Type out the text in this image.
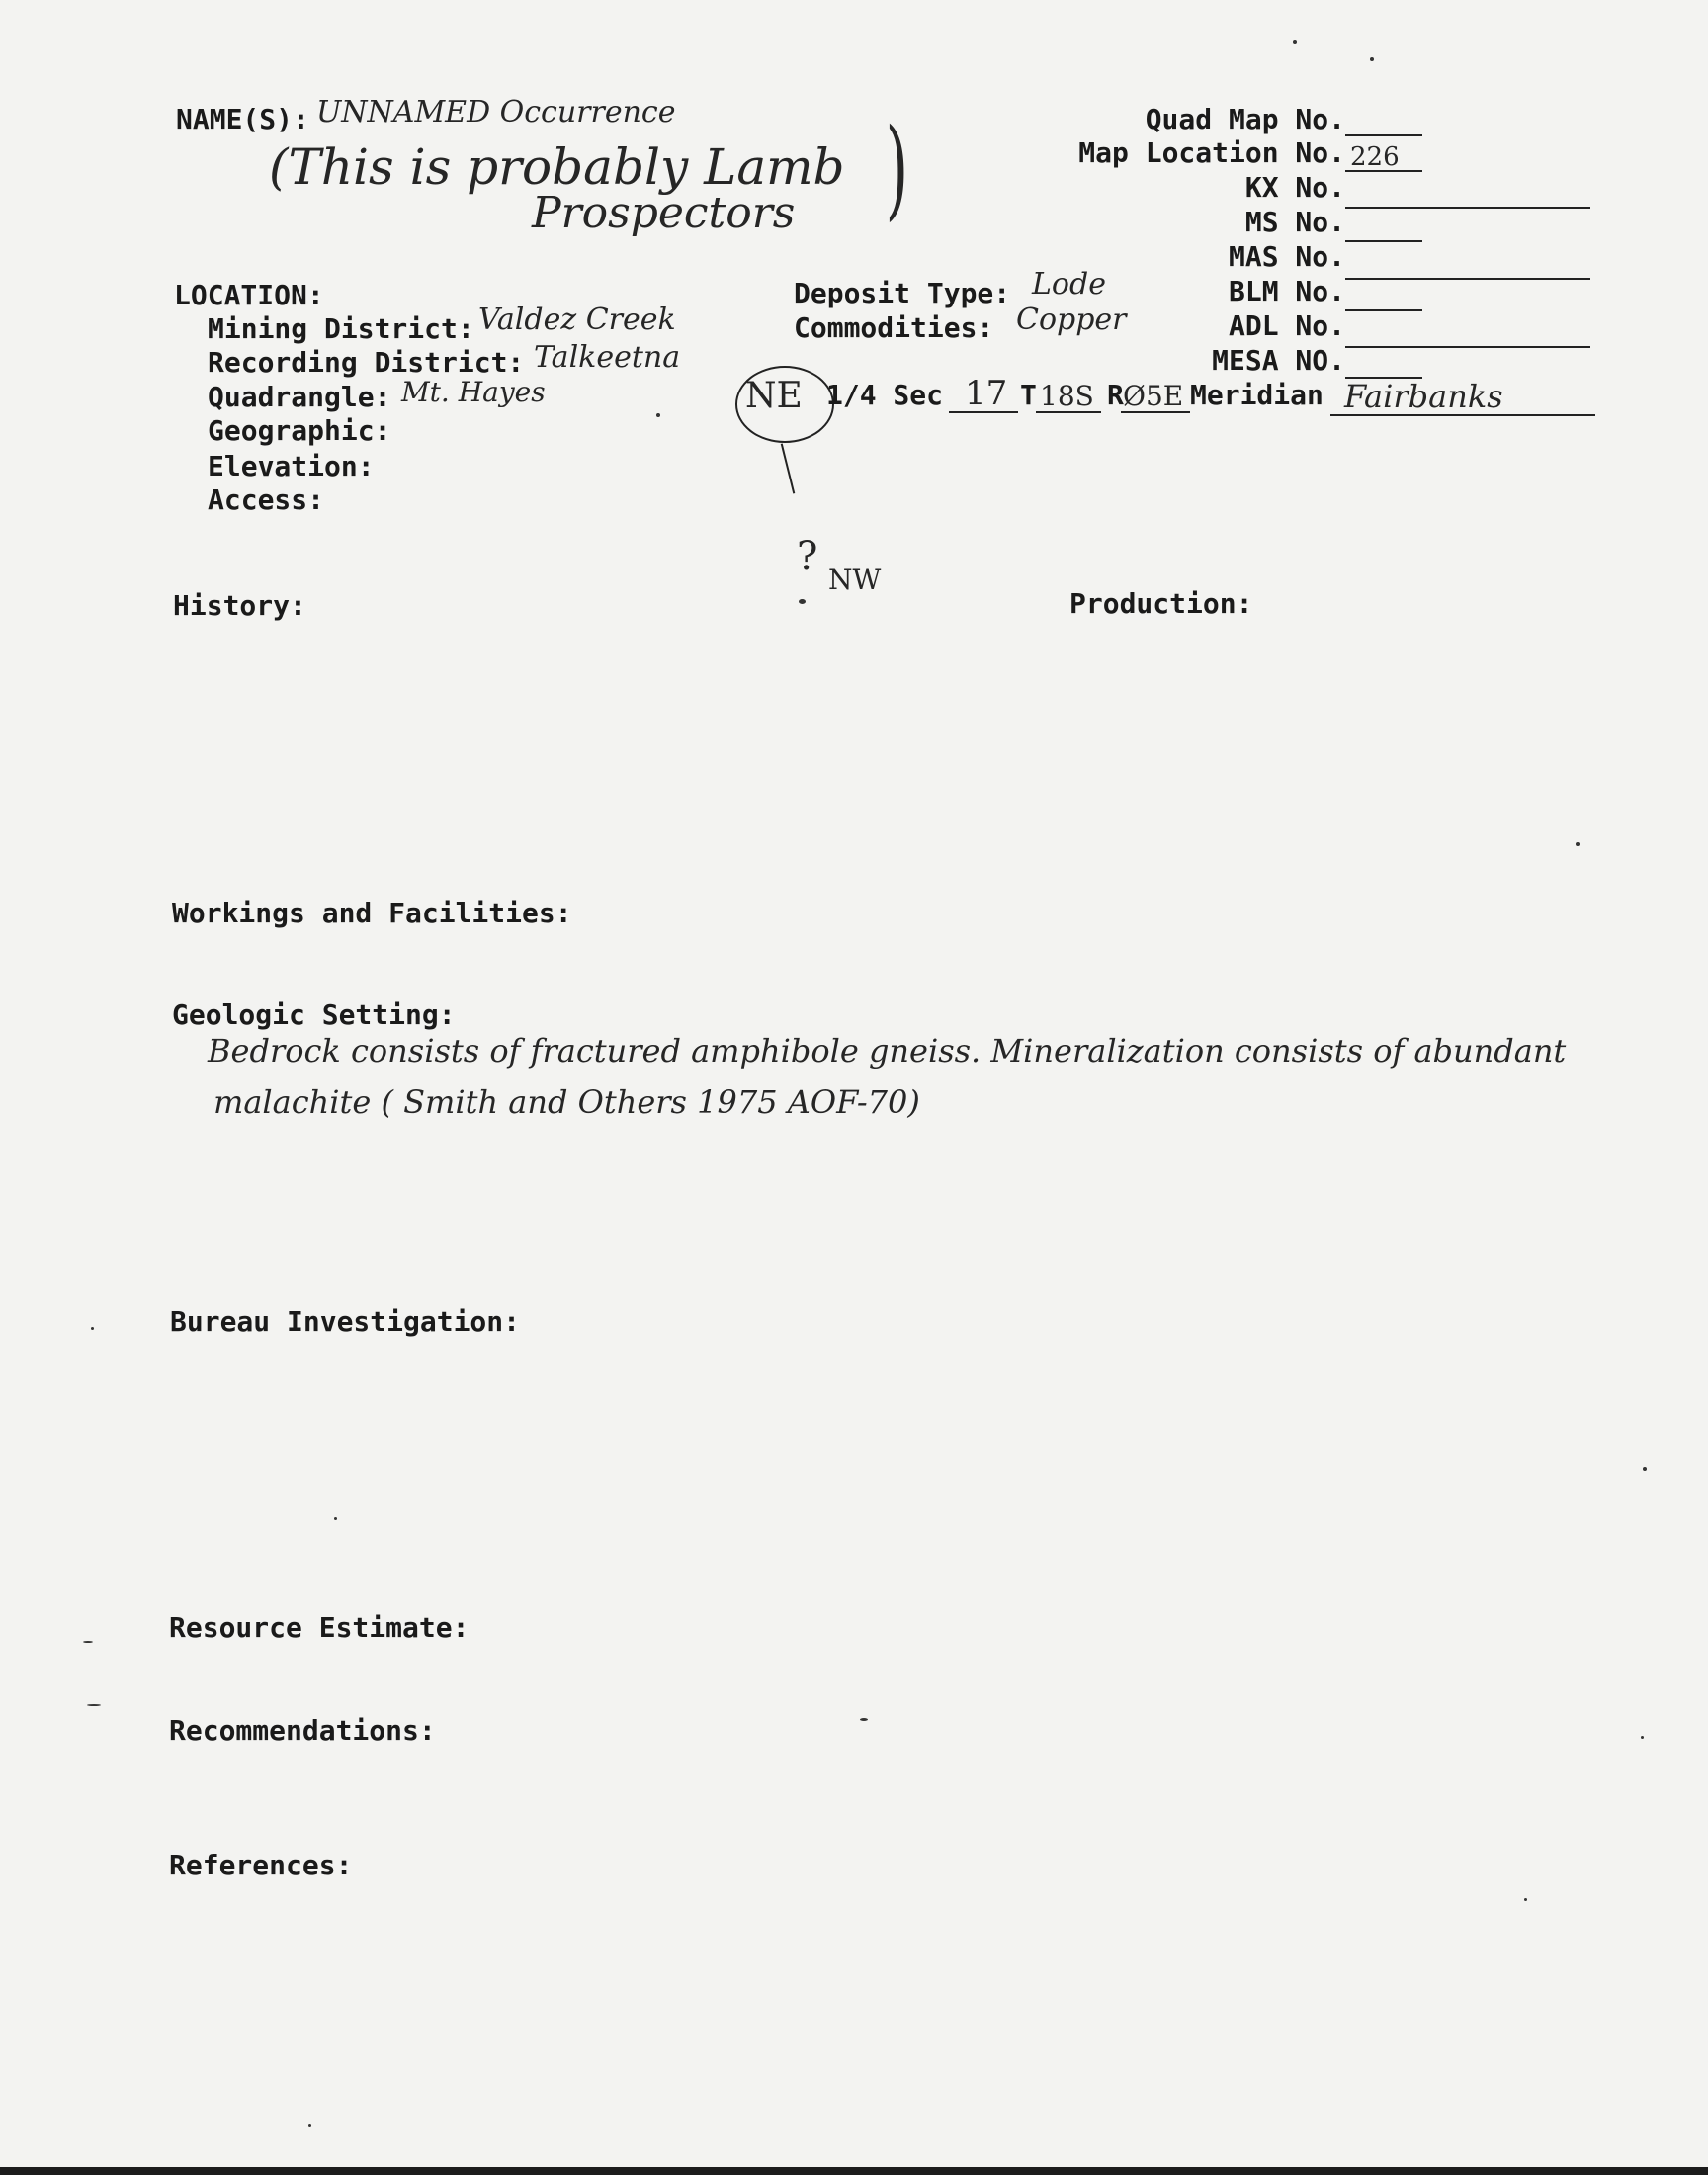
NAME(S): UNNAMED Occurrence
(This is probably Lamb
Prospectors )	Quad Map No.
Map Location No. 226
KX No.
MS No.
MAS No.
BLM No.
ADL No.
MESA NO.
LOCATION:
Mining District: Valdez Creek
Recording District: Talkeetna
Quadrangle: Mt. Hayes
Geographic:
Elevation:
Access:
Deposit Type: Lode
Commodities: Copper
NE 1/4 Sec 17 T 18S R Ø5E Meridian Fairbanks
?
NW
History:	Production:
Workings and Facilities:
Geologic Setting:
Bedrock consists of fractured amphibole gneiss. Mineralization consists of abundant
malachite ( Smith and Others 1975 AOF-70)
Bureau Investigation:
Resource Estimate:
Recommendations:
References:
